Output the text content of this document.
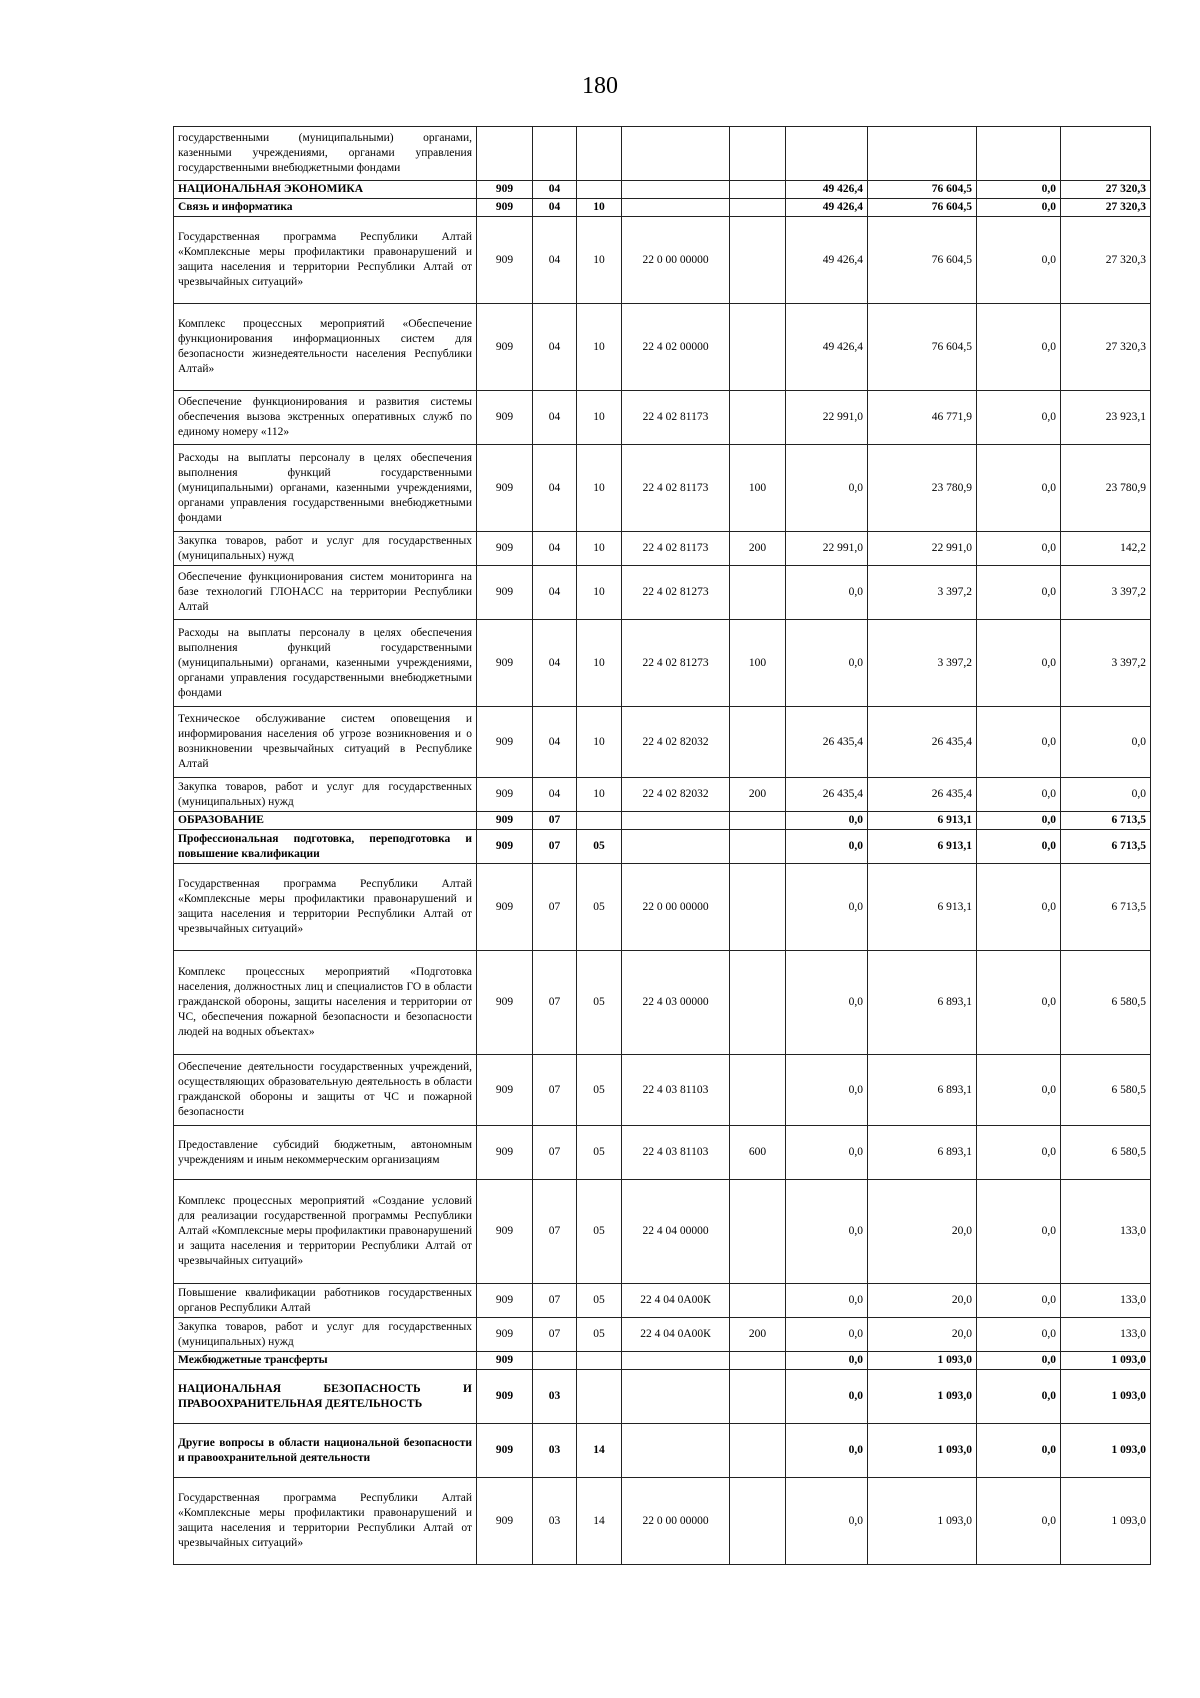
180
государственными (муниципальными) органами, казенными учреждениями, органами управления государственными внебюджетными фондами									
НАЦИОНАЛЬНАЯ ЭКОНОМИКА	909	04				49 426,4	76 604,5	0,0	27 320,3
Связь и информатика	909	04	10			49 426,4	76 604,5	0,0	27 320,3
Государственная программа Республики Алтай «Комплексные меры профилактики правонарушений и защита населения и территории Республики Алтай от чрезвычайных ситуаций»	909	04	10	22 0 00 00000		49 426,4	76 604,5	0,0	27 320,3
Комплекс процессных мероприятий «Обеспечение функционирования информационных систем для безопасности жизнедеятельности населения Республики Алтай»	909	04	10	22 4 02 00000		49 426,4	76 604,5	0,0	27 320,3
Обеспечение функционирования и развития системы обеспечения вызова экстренных оперативных служб по единому номеру «112»	909	04	10	22 4 02 81173		22 991,0	46 771,9	0,0	23 923,1
Расходы на выплаты персоналу в целях обеспечения выполнения функций государственными (муниципальными) органами, казенными учреждениями, органами управления государственными внебюджетными фондами	909	04	10	22 4 02 81173	100	0,0	23 780,9	0,0	23 780,9
Закупка товаров, работ и услуг для государственных (муниципальных) нужд	909	04	10	22 4 02 81173	200	22 991,0	22 991,0	0,0	142,2
Обеспечение функционирования систем мониторинга на базе технологий ГЛОНАСС на территории Республики Алтай	909	04	10	22 4 02 81273		0,0	3 397,2	0,0	3 397,2
Расходы на выплаты персоналу в целях обеспечения выполнения функций государственными (муниципальными) органами, казенными учреждениями, органами управления государственными внебюджетными фондами	909	04	10	22 4 02 81273	100	0,0	3 397,2	0,0	3 397,2
Техническое обслуживание систем оповещения и информирования населения об угрозе возникновения и о возникновении чрезвычайных ситуаций в Республике Алтай	909	04	10	22 4 02 82032		26 435,4	26 435,4	0,0	0,0
Закупка товаров, работ и услуг для государственных (муниципальных) нужд	909	04	10	22 4 02 82032	200	26 435,4	26 435,4	0,0	0,0
ОБРАЗОВАНИЕ	909	07				0,0	6 913,1	0,0	6 713,5
Профессиональная подготовка, переподготовка и повышение квалификации	909	07	05			0,0	6 913,1	0,0	6 713,5
Государственная программа Республики Алтай «Комплексные меры профилактики правонарушений и защита населения и территории Республики Алтай от чрезвычайных ситуаций»	909	07	05	22 0 00 00000		0,0	6 913,1	0,0	6 713,5
Комплекс процессных мероприятий «Подготовка населения, должностных лиц и специалистов ГО в области гражданской обороны, защиты населения и территории от ЧС, обеспечения пожарной безопасности и безопасности людей на водных объектах»	909	07	05	22 4 03 00000		0,0	6 893,1	0,0	6 580,5
Обеспечение деятельности государственных учреждений, осуществляющих образовательную деятельность в области гражданской обороны и защиты от ЧС и пожарной безопасности	909	07	05	22 4 03 81103		0,0	6 893,1	0,0	6 580,5
Предоставление субсидий бюджетным, автономным учреждениям и иным некоммерческим организациям	909	07	05	22 4 03 81103	600	0,0	6 893,1	0,0	6 580,5
Комплекс процессных мероприятий «Создание условий для реализации государственной программы Республики Алтай «Комплексные меры профилактики правонарушений и защита населения и территории Республики Алтай от чрезвычайных ситуаций»	909	07	05	22 4 04 00000		0,0	20,0	0,0	133,0
Повышение квалификации работников государственных органов Республики Алтай	909	07	05	22 4 04 0А00К		0,0	20,0	0,0	133,0
Закупка товаров, работ и услуг для государственных (муниципальных) нужд	909	07	05	22 4 04 0А00К	200	0,0	20,0	0,0	133,0
Межбюджетные трансферты	909					0,0	1 093,0	0,0	1 093,0
НАЦИОНАЛЬНАЯ БЕЗОПАСНОСТЬ И ПРАВООХРАНИТЕЛЬНАЯ ДЕЯТЕЛЬНОСТЬ	909	03				0,0	1 093,0	0,0	1 093,0
Другие вопросы в области национальной безопасности и правоохранительной деятельности	909	03	14			0,0	1 093,0	0,0	1 093,0
Государственная программа Республики Алтай «Комплексные меры профилактики правонарушений и защита населения и территории Республики Алтай от чрезвычайных ситуаций»	909	03	14	22 0 00 00000		0,0	1 093,0	0,0	1 093,0
